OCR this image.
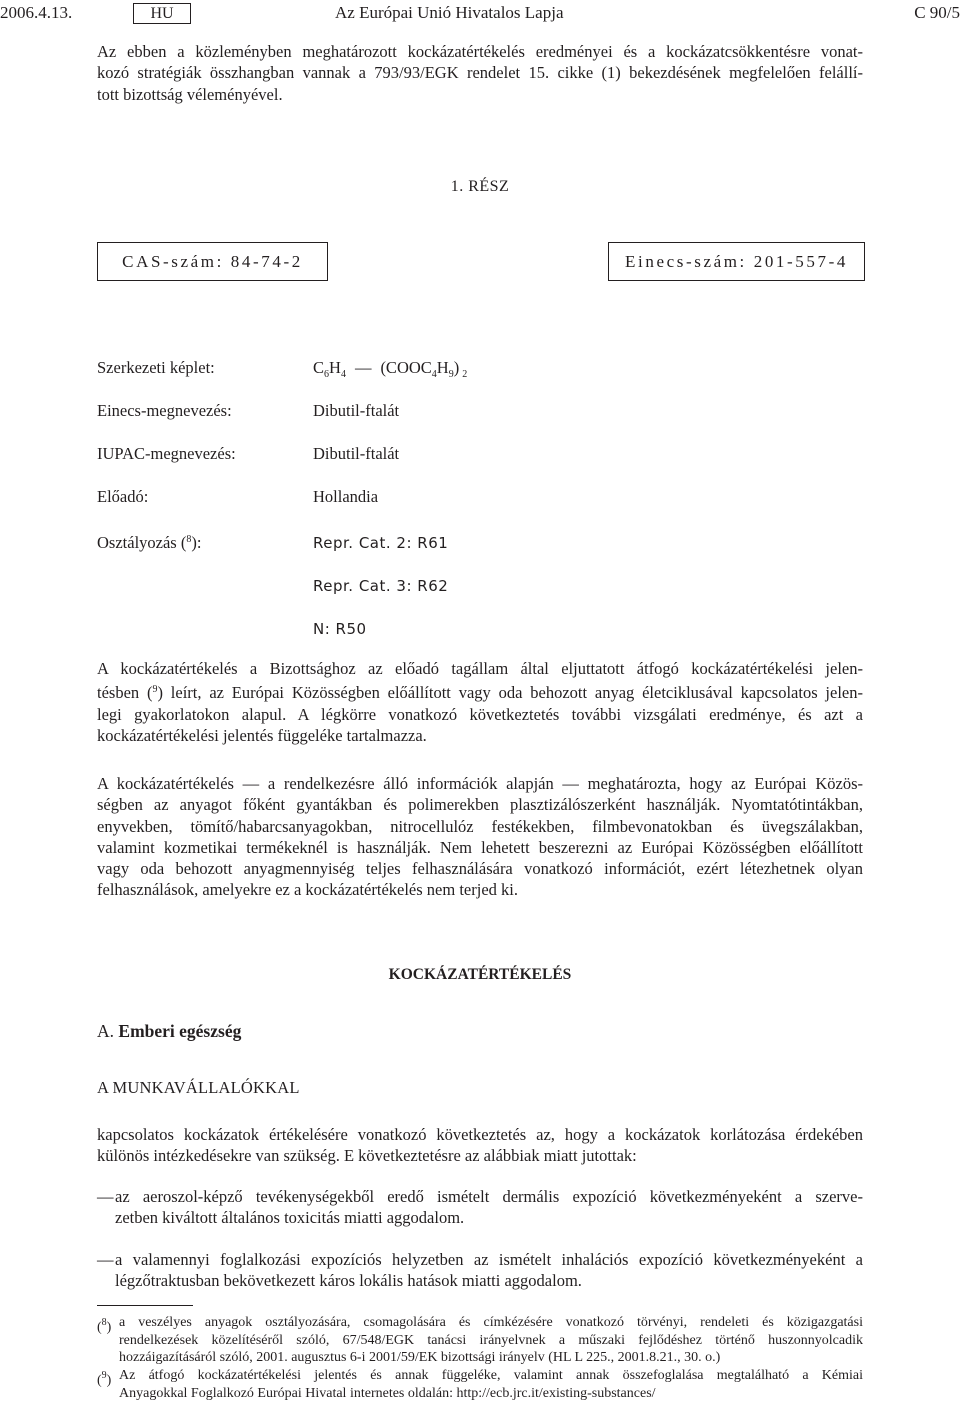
2006.4.13.	HU	Az Európai Unió Hivatalos Lapja	C 90/5
Az ebben a közleményben meghatározott kockázatértékelés eredményei és a kockázatcsökkentésre vonat-
kozó stratégiák összhangban vannak a 793/93/EGK rendelet 15. cikke (1) bekezdésének megfelelően felállí-
tott bizottság véleményével.
1. RÉSZ
CAS-szám: 84-74-2	Einecs-szám: 201-557-4
Szerkezeti képlet:	$C_6H_4$ — $(COOC_4H_9)$ $_2$
Einecs-megnevezés:	Dibutil-ftalát
IUPAC-megnevezés:	Dibutil-ftalát
Előadó:	Hollandia
Osztályozás ($^8$):	Repr. Cat. 2: R61
Repr. Cat. 3: R62
N: R50
A kockázatértékelés a Bizottsághoz az előadó tagállam által eljuttatott átfogó kockázatértékelési jelen-
tésben ($^9$) leírt, az Európai Közösségben előállított vagy oda behozott anyag életciklusával kapcsolatos jelen-
legi gyakorlatokon alapul. A légkörre vonatkozó következtetés további vizsgálati eredménye, és azt a
kockázatértékelési jelentés függeléke tartalmazza.
A kockázatértékelés — a rendelkezésre álló információk alapján — meghatározta, hogy az Európai Közös-
ségben az anyagot főként gyantákban és polimerekben plasztizálószerként használják. Nyomtatótintákban,
enyvekben, tömítő/habarcsanyagokban, nitrocellulóz festékekben, filmbevonatokban és üvegszálakban,
valamint kozmetikai termékeknél is használják. Nem lehetett beszerezni az Európai Közösségben előállított
vagy oda behozott anyagmennyiség teljes felhasználására vonatkozó információt, ezért létezhetnek olyan
felhasználások, amelyekre ez a kockázatértékelés nem terjed ki.
KOCKÁZATÉRTÉKELÉS
A. Emberi egészség
A MUNKAVÁLLALÓKKAL
kapcsolatos kockázatok értékelésére vonatkozó következtetés az, hogy a kockázatok korlátozása érdekében
különös intézkedésekre van szükség. E következtetésre az alábbiak miatt jutottak:
— az aeroszol-képző tevékenységekből eredő ismételt dermális expozíció következményeként a szerve-
zetben kiváltott általános toxicitás miatti aggodalom.
— a valamennyi foglalkozási expozíciós helyzetben az ismételt inhalációs expozíció következményeként a
légzőtraktusban bekövetkezett káros lokális hatások miatti aggodalom.
($^8$) a veszélyes anyagok osztályozására, csomagolására és címkézésére vonatkozó törvényi, rendeleti és közigazgatási
rendelkezések közelítéséről szóló, 67/548/EGK tanácsi irányelvnek a műszaki fejlődéshez történő huszonnyolcadik
hozzáigazításáról szóló, 2001. augusztus 6-i 2001/59/EK bizottsági irányelv (HL L 225., 2001.8.21., 30. o.)
($^9$) Az átfogó kockázatértékelési jelentés és annak függeléke, valamint annak összefoglalása megtalálható a Kémiai
Anyagokkal Foglalkozó Európai Hivatal internetes oldalán: http://ecb.jrc.it/existing-substances/
